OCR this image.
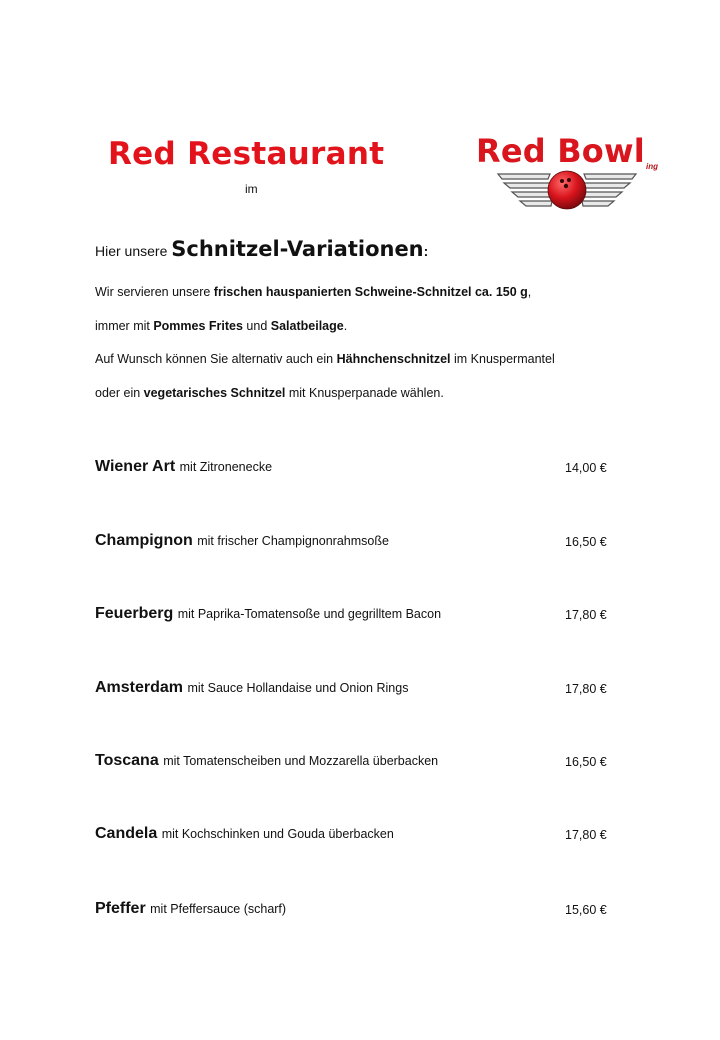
Red Restaurant
im
Red Bowl ing
Hier unsere Schnitzel-Variationen:
Wir servieren unsere frischen hauspanierten Schweine-Schnitzel ca. 150 g,
immer mit Pommes Frites und Salatbeilage.
Auf Wunsch können Sie alternativ auch ein Hähnchenschnitzel im Knuspermantel
oder ein vegetarisches Schnitzel mit Knusperpanade wählen.
Wiener Art mit Zitronenecke	14,00 €
Champignon mit frischer Champignonrahmsoße	16,50 €
Feuerberg mit Paprika-Tomatensoße und gegrilltem Bacon	17,80 €
Amsterdam mit Sauce Hollandaise und Onion Rings	17,80 €
Toscana mit Tomatenscheiben und Mozzarella überbacken	16,50 €
Candela mit Kochschinken und Gouda überbacken	17,80 €
Pfeffer mit Pfeffersauce (scharf)	15,60 €
